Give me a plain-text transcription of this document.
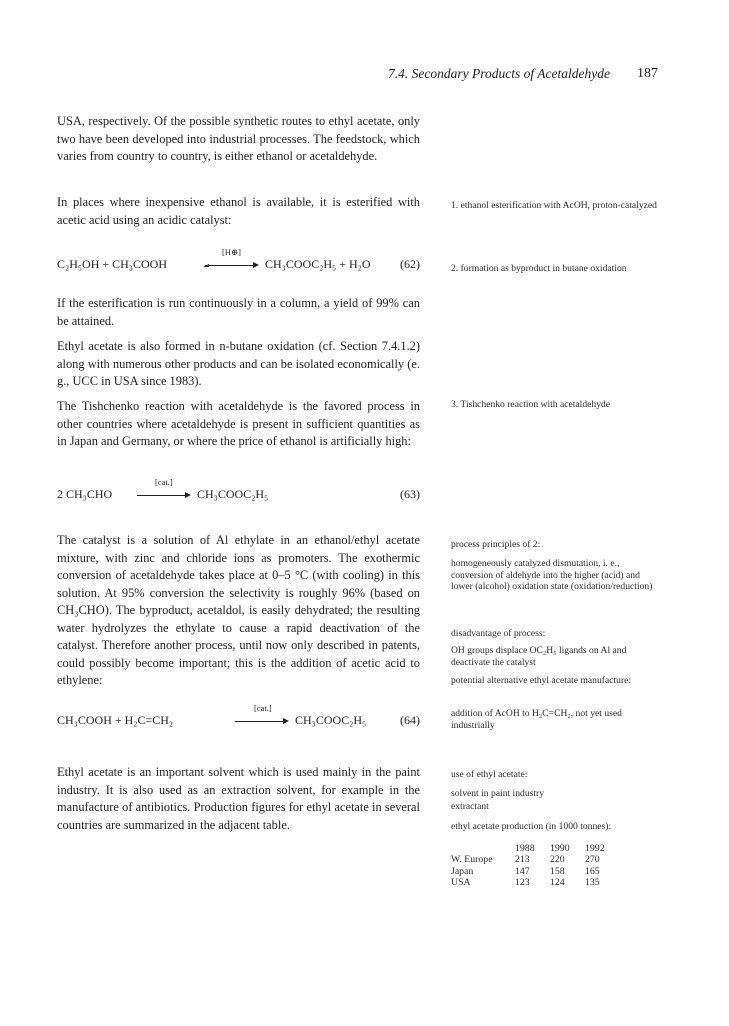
7.4. Secondary Products of Acetaldehyde	187

USA, respectively. Of the possible synthetic routes to ethyl acetate, only two have been developed into industrial processes. The feedstock, which varies from country to country, is either ethanol or acetaldehyde.

In places where inexpensive ethanol is available, it is esterified with acetic acid using an acidic catalyst:

C₂H₅OH + CH₃COOH
[H⊕]
CH₃COOC₂H₅ + H₂O (62)

If the esterification is run continuously in a column, a yield of 99% can be attained.

Ethyl acetate is also formed in n-butane oxidation (cf. Section 7.4.1.2) along with numerous other products and can be isolated economically (e. g., UCC in USA since 1983).

The Tishchenko reaction with acetaldehyde is the favored process in other countries where acetaldehyde is present in sufficient quantities as in Japan and Germany, or where the price of ethanol is artificially high:

2 CH₃CHO
[cat.]
CH₃COOC₂H₅	(63)

The catalyst is a solution of Al ethylate in an ethanol/ethyl acetate mixture, with zinc and chloride ions as promoters. The exothermic conversion of acetaldehyde takes place at 0–5 °C (with cooling) in this solution. At 95% conversion the selectivity is roughly 96% (based on CH₃CHO). The byproduct, acetaldol, is easily dehydrated; the resulting water hydrolyzes the ethylate to cause a rapid deactivation of the catalyst. Therefore another process, until now only described in patents, could possibly become important; this is the addition of acetic acid to ethylene:

CH₃COOH + H₂C=CH₂
[cat.]
CH₃COOC₂H₅	(64)

Ethyl acetate is an important solvent which is used mainly in the paint industry. It is also used as an extraction solvent, for example in the manufacture of antibiotics. Production figures for ethyl acetate in several countries are summarized in the adjacent table.

1. ethanol esterification with AcOH, proton-catalyzed

2. formation as byproduct in butane oxidation

3. Tishchenko reaction with acetaldehyde

process principles of 2:

homogeneously catalyzed dismutation, i. e., conversion of aldehyde into the higher (acid) and lower (alcohol) oxidation state (oxidation/reduction)

disadvantage of process:

OH groups displace OC₂H₅ ligands on Al and deactivate the catalyst

potential alternative ethyl acetate manufacture:

addition of AcOH to H₂C=CH₂, not yet used industrially

use of ethyl acetate:

solvent in paint industry

extractant

ethyl acetate production (in 1000 tonnes):

	1988	1990	1992
W. Europe	213	220	270
Japan	147	158	165
USA	123	124	135
